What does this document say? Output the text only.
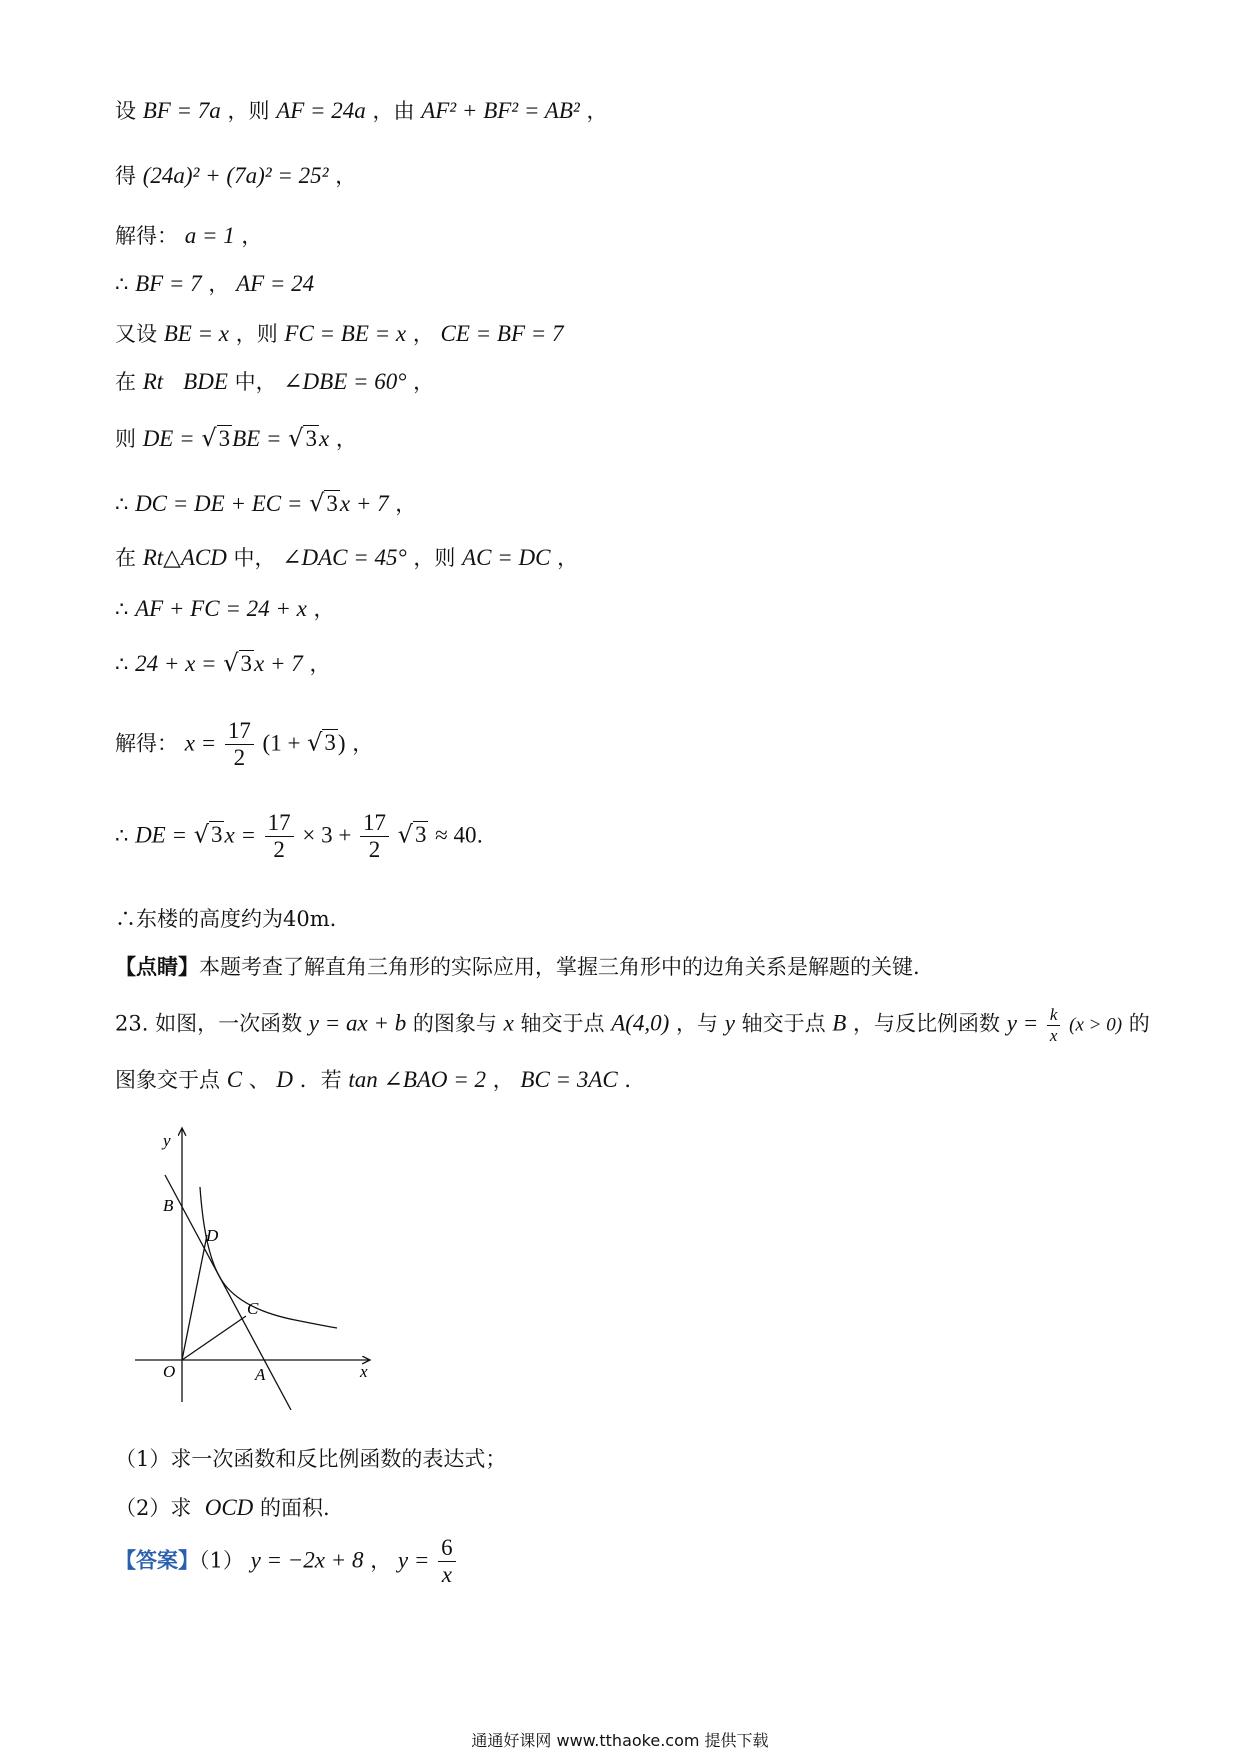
设 BF = 7a ，则 AF = 24a ，由 AF² + BF² = AB² ，
得 (24a)² + (7a)² = 25² ，
解得： a = 1 ，
∴ BF = 7 ， AF = 24
又设 BE = x ，则 FC = BE = x ， CE = BF = 7
在 Rt BDE 中， ∠DBE = 60° ，
则 DE = √3BE = √3x ，
∴ DC = DE + EC = √3x + 7 ，
在 Rt△ACD 中， ∠DAC = 45° ，则 AC = DC ，
∴ AF + FC = 24 + x ，
∴ 24 + x = √3x + 7 ，
解得： $x = \frac{17}{2} (1 + √3)$ ，
∴ DE = $√3x = \frac{17}{2} \times 3 + \frac{17}{2} √3 \approx 40$.
∴东楼的高度约为40m.
【点睛】本题考查了解直角三角形的实际应用，掌握三角形中的边角关系是解题的关键.
23. 如图，一次函数 y = ax + b 的图象与 x 轴交于点 A(4,0) ，与 y 轴交于点 B ，与反比例函数 $y = \frac{k}{x} (x > 0)$ 的
图象交于点 C 、 D ．若 tan ∠BAO = 2 ， BC = 3AC ．
y
x
O	A
B
C
D
（1）求一次函数和反比例函数的表达式；
（2）求 OCD 的面积.
【答案】（1） y = −2x + 8 ， $y = \frac{6}{x}$
通通好课网 www.tthaoke.com 提供下载
